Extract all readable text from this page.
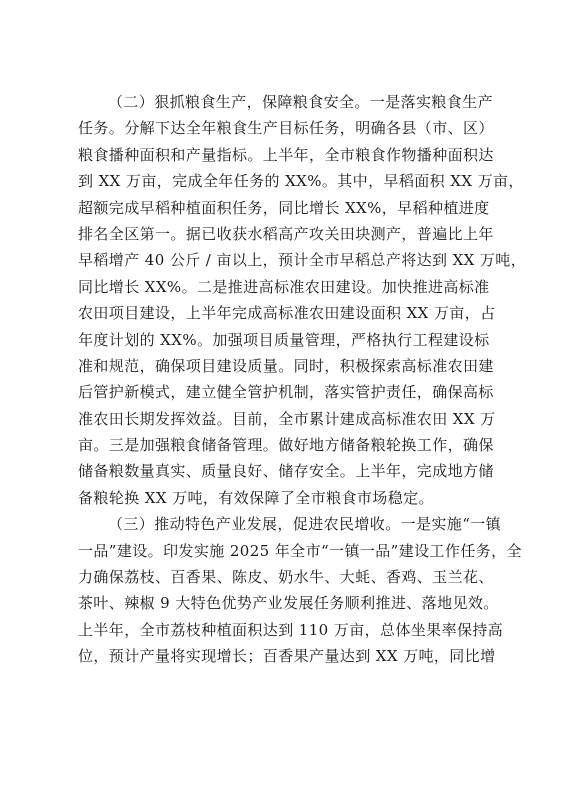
（二）狠抓粮食生产，保障粮食安全。一是落实粮食生产
任务。分解下达全年粮食生产目标任务，明确各县（市、区）
粮食播种面积和产量指标。上半年，全市粮食作物播种面积达
到 XX 万亩，完成全年任务的 XX%。其中，早稻面积 XX 万亩，
超额完成早稻种植面积任务，同比增长 XX%，早稻种植进度
排名全区第一。据已收获水稻高产攻关田块测产，普遍比上年
早稻增产 40 公斤 / 亩以上，预计全市早稻总产将达到 XX 万吨，
同比增长 XX%。二是推进高标准农田建设。加快推进高标准
农田项目建设，上半年完成高标准农田建设面积 XX 万亩，占
年度计划的 XX%。加强项目质量管理，严格执行工程建设标
准和规范，确保项目建设质量。同时，积极探索高标准农田建
后管护新模式，建立健全管护机制，落实管护责任，确保高标
准农田长期发挥效益。目前，全市累计建成高标准农田 XX 万
亩。三是加强粮食储备管理。做好地方储备粮轮换工作，确保
储备粮数量真实、质量良好、储存安全。上半年，完成地方储
备粮轮换 XX 万吨，有效保障了全市粮食市场稳定。
（三）推动特色产业发展，促进农民增收。一是实施“一镇
一品”建设。印发实施 2025 年全市“一镇一品”建设工作任务，全
力确保荔枝、百香果、陈皮、奶水牛、大蚝、香鸡、玉兰花、
茶叶、辣椒 9 大特色优势产业发展任务顺利推进、落地见效。
上半年，全市荔枝种植面积达到 110 万亩，总体坐果率保持高
位，预计产量将实现增长；百香果产量达到 XX 万吨，同比增
